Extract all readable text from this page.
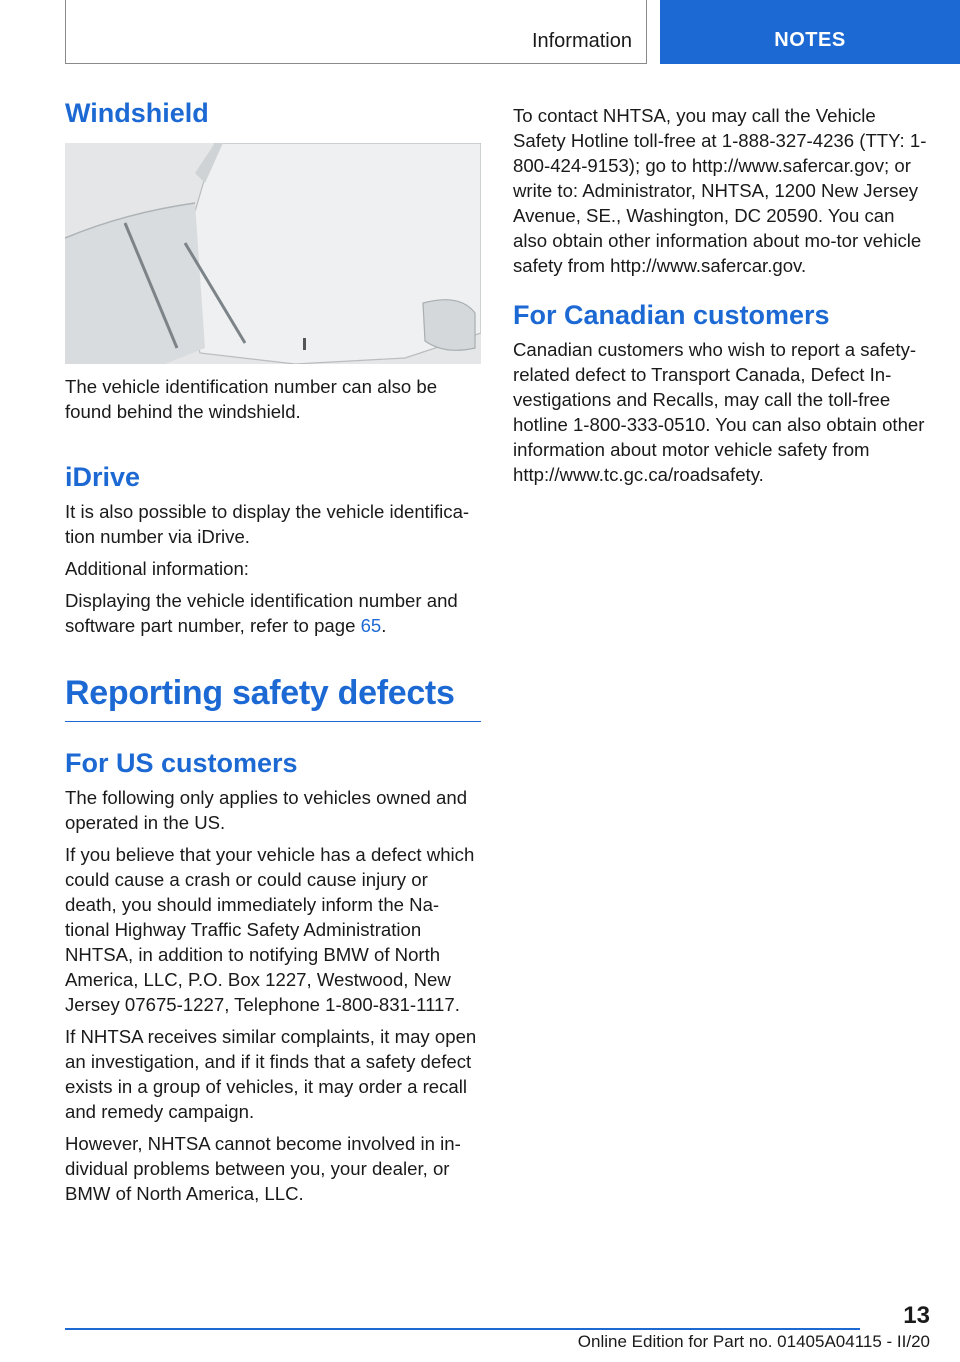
Information	NOTES
Windshield

The vehicle identification number can also be found behind the windshield.

iDrive

It is also possible to display the vehicle identifica-tion number via iDrive.

Additional information:

Displaying the vehicle identification number and software part number, refer to page 65.

Reporting safety defects
For US customers

The following only applies to vehicles owned and operated in the US.

If you believe that your vehicle has a defect which could cause a crash or could cause injury or death, you should immediately inform the Na-tional Highway Traffic Safety Administration NHTSA, in addition to notifying BMW of North America, LLC, P.O. Box 1227, Westwood, New Jersey 07675-1227, Telephone 1-800-831-1117.

If NHTSA receives similar complaints, it may open an investigation, and if it finds that a safety defect exists in a group of vehicles, it may order a recall and remedy campaign.

However, NHTSA cannot become involved in in-dividual problems between you, your dealer, or BMW of North America, LLC.

To contact NHTSA, you may call the Vehicle Safety Hotline toll-free at 1-888-327-4236 (TTY: 1-800-424-9153); go to http://www.safercar.gov; or write to: Administrator, NHTSA, 1200 New Jersey Avenue, SE., Washington, DC 20590. You can also obtain other information about mo-tor vehicle safety from http://www.safercar.gov.

For Canadian customers

Canadian customers who wish to report a safety-related defect to Transport Canada, Defect In-vestigations and Recalls, may call the toll-free hotline 1-800-333-0510. You can also obtain other information about motor vehicle safety from http://www.tc.gc.ca/roadsafety.

13
Online Edition for Part no. 01405A04115 - II/20
